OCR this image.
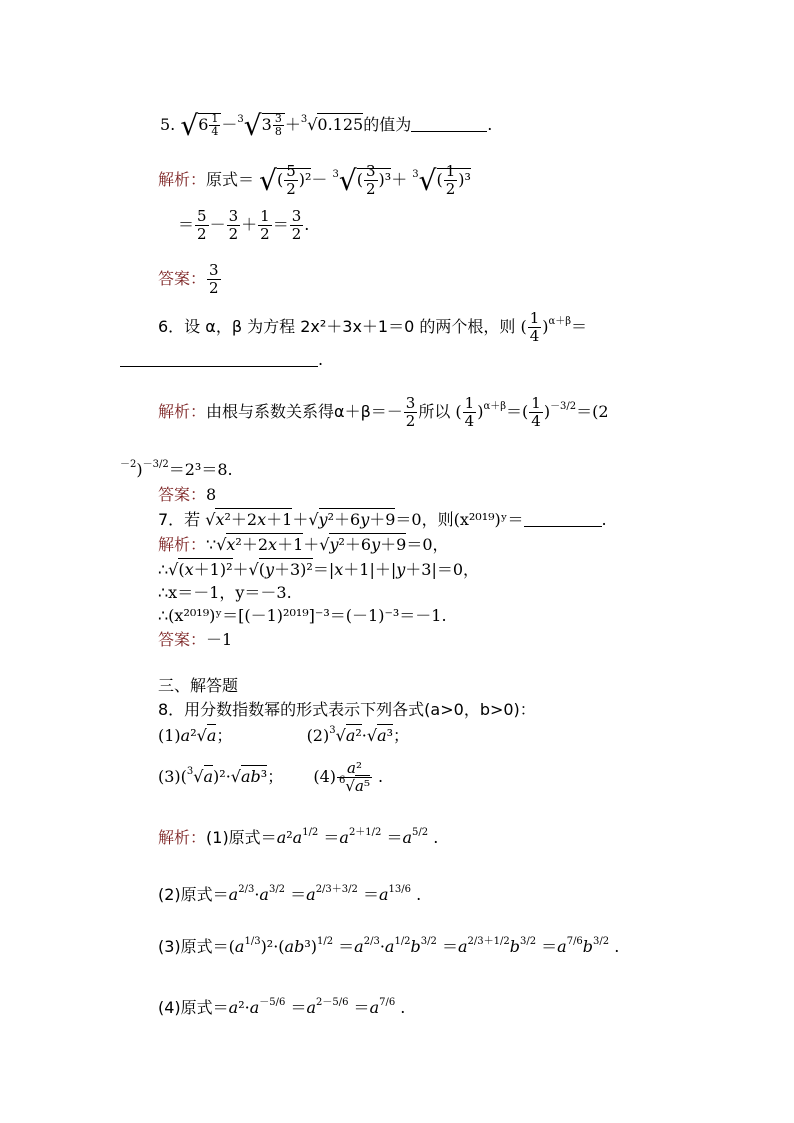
5. $√6 \frac{1}{4} -^3√3 \frac{3}{8} +^3√0.125$的值为	.
解析：原式＝ √( $\frac{5}{2} )^2- ^3√( \frac{3}{2} )^3+ ^3√( \frac{1}{2} )^3$
＝ $\frac{5}{2} - \frac{3}{2} + \frac{1}{2} = \frac{3}{2}$ .
答案： $\frac{3}{2}$
6．设 α，β 为方程 2x²＋3x＋1＝0 的两个根，则 ( $\frac{1}{4} )^{\alpha+\beta}=$
.
解析：由根与系数关系得$\alpha+\beta=- \frac{3}{2}$ 所以 ( $\frac{1}{4} )^{\alpha+\beta}=( \frac{1}{4} )^{-3/2}=(2$
$^{-2}$)$^{-3/2}$＝2³＝8.
答案：8
7．若 √x²＋2x＋1＋√y²＋6y＋9＝0，则(x²⁰¹⁹)ʸ＝	.
解析：∵√x²＋2x＋1＋√y²＋6y＋9＝0，
∴√(x＋1)²＋√(y＋3)²＝|x＋1|＋|y＋3|＝0，
∴x＝－1，y＝－3.
∴(x²⁰¹⁹)ʸ＝[(－1)²⁰¹⁹]⁻³＝(－1)⁻³＝－1.
答案：－1
三、解答题
8．用分数指数幂的形式表示下列各式(a>0，b>0)：
(1)a²√a；	$(2)^3√a^2\cdot√a^3$；
(3)($^3$√a)²·√ab³；  $(4) \frac{\text{a²}}{^6√a^5}$ .
解析：(1)原式$=a^2a^{1/2} =a^{2+1/2} =a^{5/2}$ .
(2)原式$=a^{2/3}\cdot a^{3/2} =a^{2/3+3/2} =a^{13/6}$ .
(3)原式$=(a^{1/3})^2\cdot(ab^3)^{1/2} =a^{2/3}\cdot a^{1/2}b^{3/2} =a^{2/3+1/2}b^{3/2} =a^{7/6}b^{3/2}$ .
(4)原式$=a^2\cdot a^{-5/6} =a^{2-5/6} =a^{7/6}$ .
